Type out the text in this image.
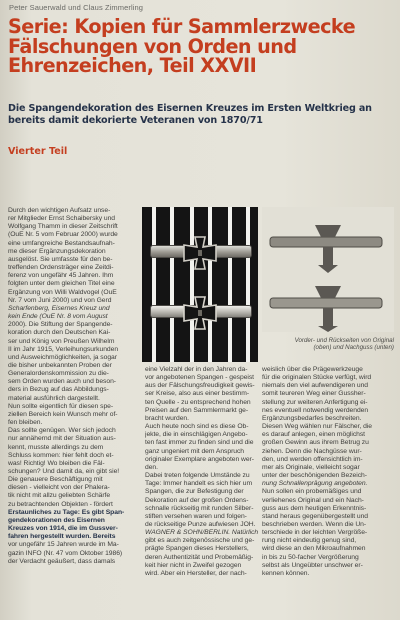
Peter Sauerwald und Claus Zimmerling
Serie: Kopien für Sammlerzwecke
Fälschungen von Orden und
Ehrenzeichen, Teil XXVII
Die Spangendekoration des Eisernen Kreuzes im Ersten Weltkrieg an
bereits damit dekorierte Veteranen von 1870/71
Vierter Teil
Durch den wichtigen Aufsatz unse-
rer Mitglieder Ernst Schaibersky und
Wolfgang Thamm in dieser Zeitschrift
(OuE Nr. 5 vom Februar 2000) wurde
eine umfangreiche Bestandsaufnah-
me dieser Ergänzungsdekoration
ausgelöst. Sie umfasste für den be-
treffenden Ordensträger eine Zeitdi-
ferenz von ungefähr 45 Jahren. Ihm
folgten unter dem gleichen Titel eine
Ergänzung von Willi Waldvogel (OuE
Nr. 7 vom Juni 2000) und von Gerd
Scharfenberg, Eisernes Kreuz und
kein Ende (OuE Nr. 8 vom August
2000). Die Stiftung der Spangende-
koration durch den Deutschen Kai-
ser und König von Preußen Wilhelm
II im Jahr 1915, Verleihungsurkunden
und Ausweichmöglichkeiten, ja sogar
die bisher unbekannten Proben der
Generalordenskommission zu die-
sem Orden wurden auch und beson-
ders in Bezug auf das Abbildungs-
material ausführlich dargestellt.
Nun sollte eigentlich für diesen spe-
ziellen Bereich kein Wunsch mehr of-
fen bleiben.
Das sollte genügen. Wer sich jedoch
nur annähernd mit der Situation aus-
kennt, musste allerdings zu dem
Schluss kommen: hier fehlt doch et-
was! Richtig! Wo bleiben die Fäl-
schungen? Und damit da, ein gibt sie!
Die genauere Beschäftigung mit
diesen - vielleicht von der Phalera-
tik nicht mit allzu geliebten Schärfe
zu betrachtenden Objekten - fördert
Erstaunliches zu Tage: Es gibt Span-
gendekorationen des Eisernen
Kreuzes von 1914, die im Gussver-
fahren hergestellt wurden. Bereits
vor ungefähr 15 Jahren wurde im Ma-
gazin INFO (Nr. 47 vom Oktober 1986)
der Verdacht geäußert, dass damals
Vorder- und Rückseiten von Original
(oben) und Nachguss (unten)
eine Vielzahl der in den Jahren da-
vor angebotenen Spangen - gespeist
aus der Fälschungsfreudigkeit gewis-
ser Kreise, also aus einer bestimm-
ten Quelle - zu entsprechend hohen
Preisen auf den Sammlermarkt ge-
bracht wurden.
Auch heute noch sind es diese Ob-
jekte, die in einschlägigen Angebo-
ten fast immer zu finden sind und die
ganz ungeniert mit dem Anspruch
originaler Exemplare angeboten wer-
den.
Dabei treten folgende Umstände zu
Tage: Immer handelt es sich hier um
Spangen, die zur Befestigung der
Dekoration auf der großen Ordens-
schnalle rückseitig mit runden Silber-
stiften versehen waren und folgen-
de rückseitige Punze aufwiesen JOH.
WAGNER & SOHN/BERLIN. Natürlich
gibt es auch zeitgenössische und ge-
prägte Spangen dieses Herstellers,
deren Authentizität und Probemäßig-
keit hier nicht in Zweifel gezogen
wird. Aber ein Hersteller, der nach-
weislich über die Prägewerkzeuge
für die originalen Stücke verfügt, wird
niemals den viel aufwendigeren und
somit teureren Weg einer Gussher-
stellung zur weiteren Anfertigung ei-
nes eventuell notwendig werdenden
Ergänzungsbedarfes beschreiten.
Diesen Weg wählen nur Fälscher, die
es darauf anlegen, einen möglichst
großen Gewinn aus ihrem Betrug zu
ziehen. Denn die Nachgüsse wur-
den, und werden offensichtlich im-
mer als Originale, vielleicht sogar
unter der beschönigenden Bezeich-
nung Schnallenprägung angeboten.
Nun sollen ein probemäßiges und
verliehenes Original und ein Nach-
guss aus dem heutigen Erkenntnis-
stand heraus gegenübergestellt und
beschrieben werden. Wenn die Un-
terschiede in der leichten Vergröße-
rung nicht eindeutig genug sind,
wird diese an den Mikroaufnahmen
in bis zu 50-facher Vergrößerung
selbst als Ungeübter unschwer er-
kennen können.
